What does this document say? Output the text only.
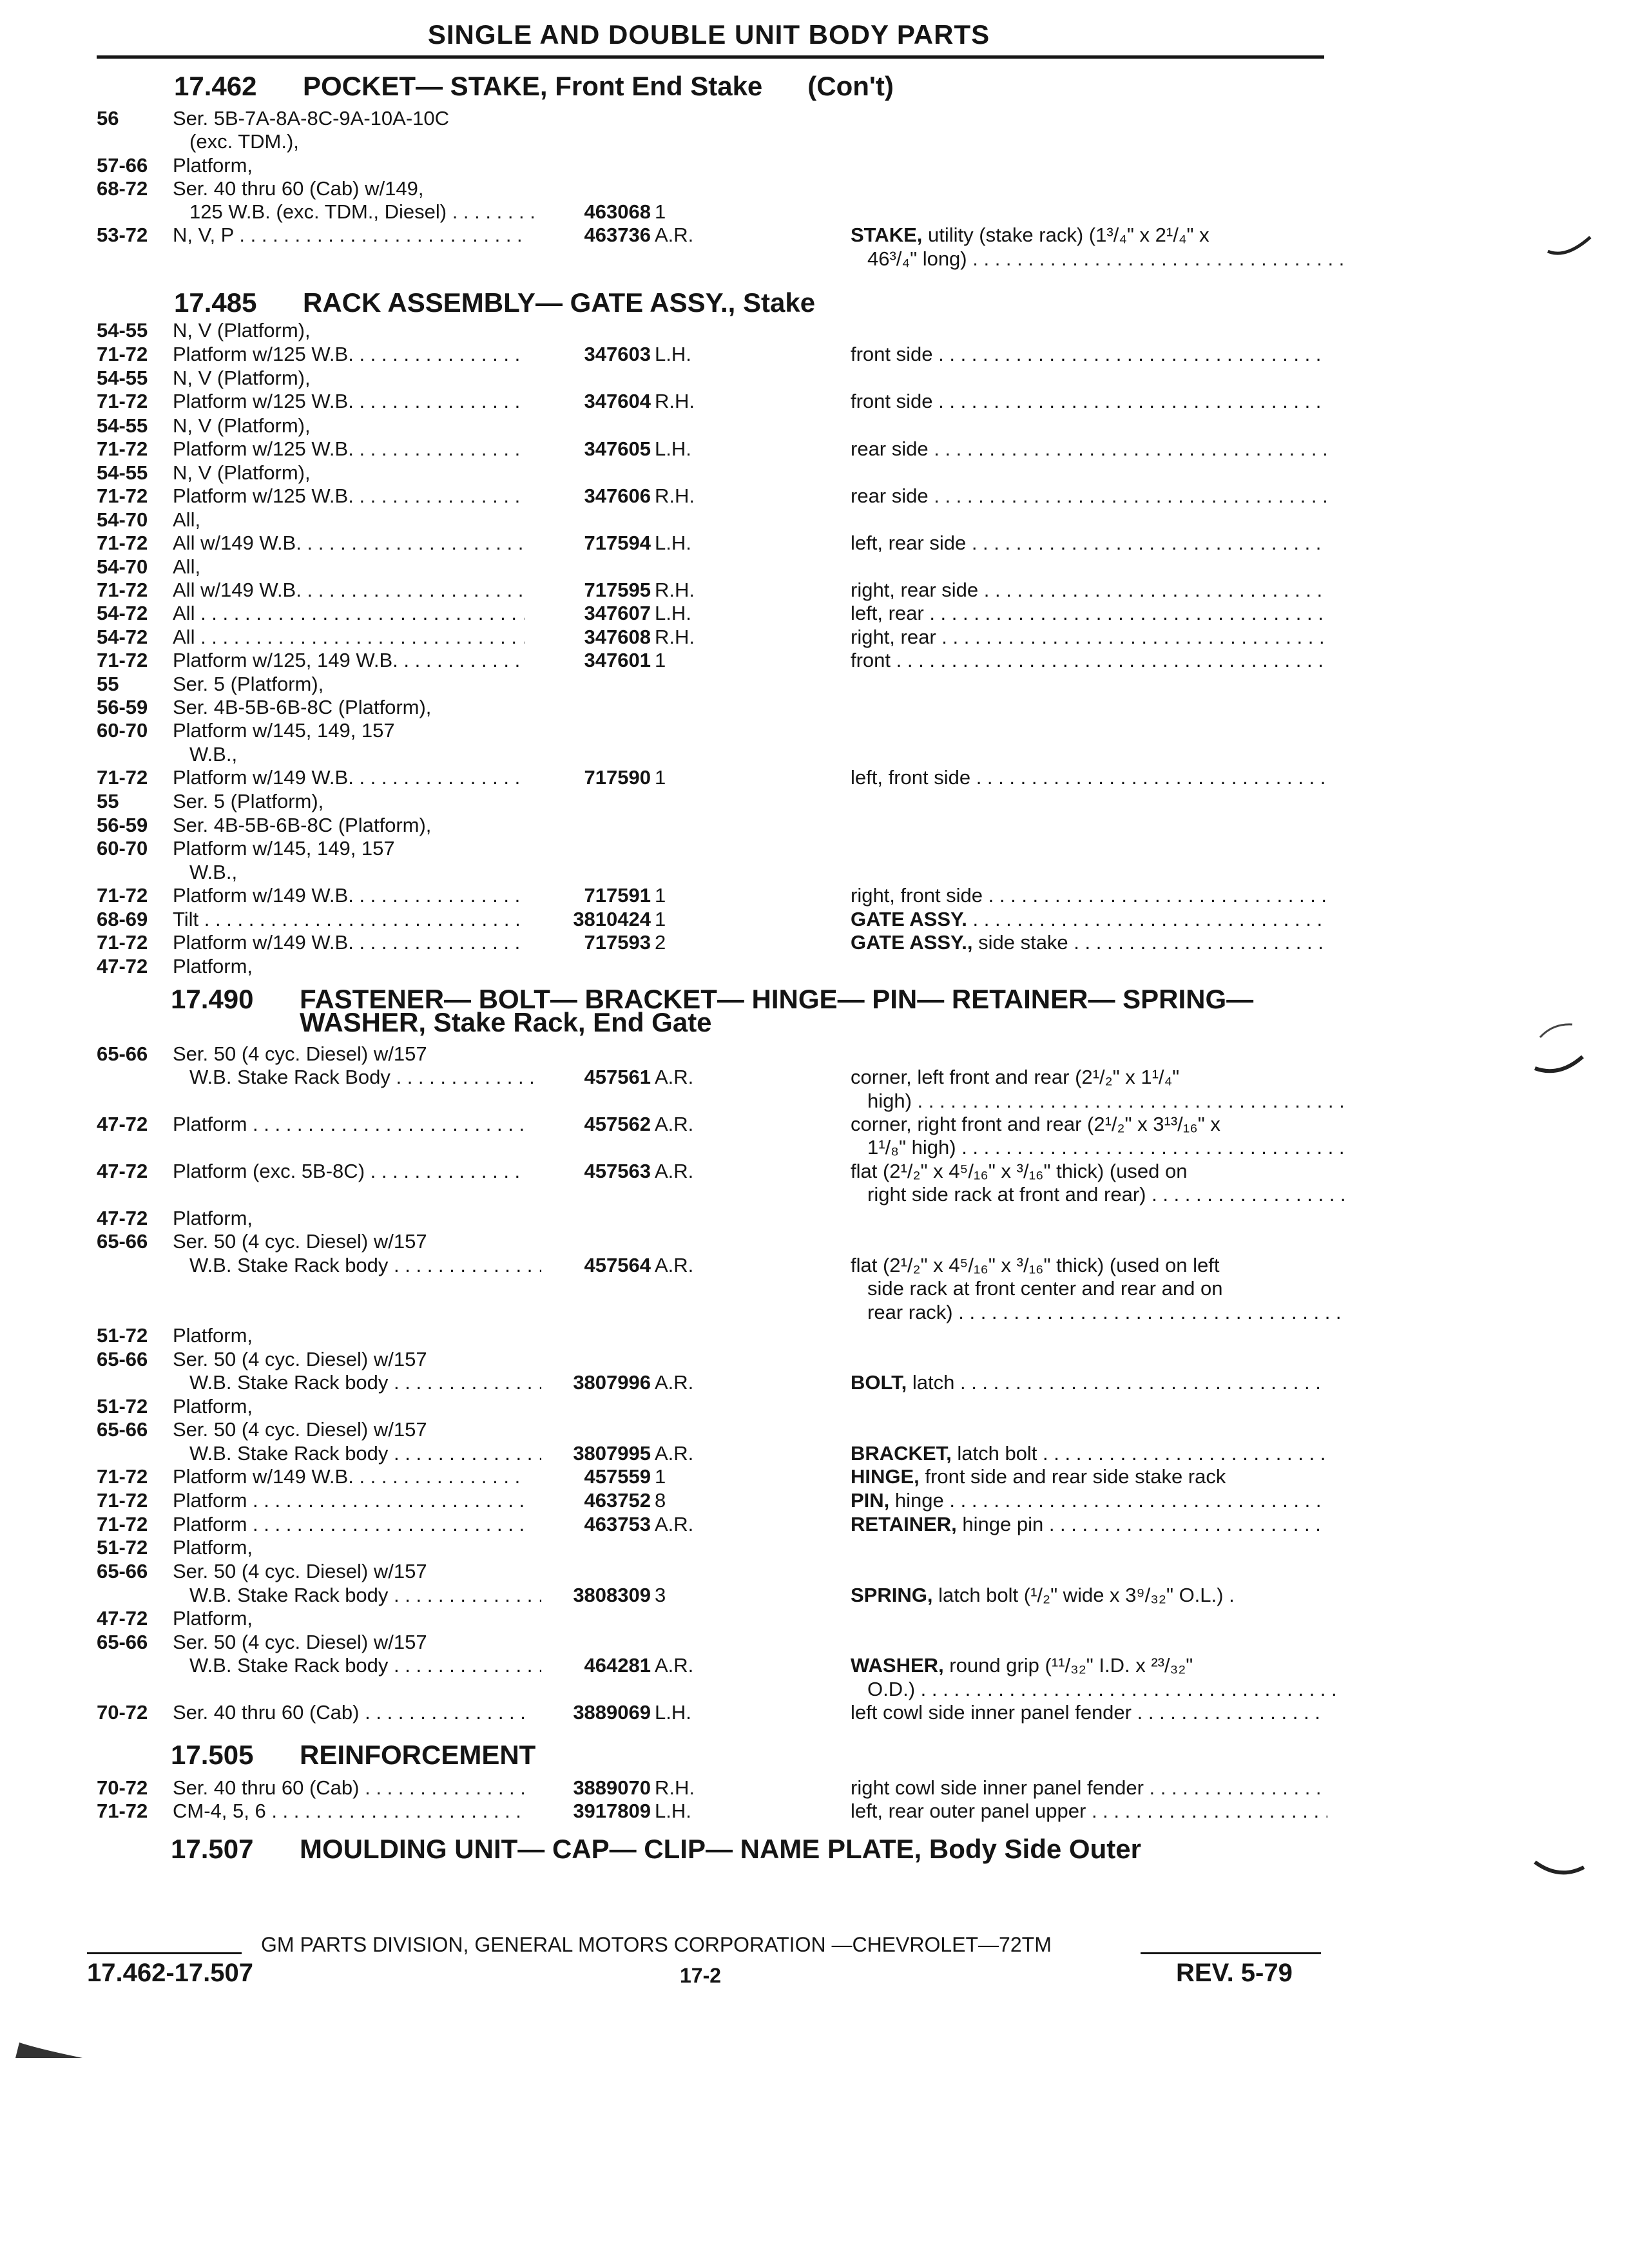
SINGLE AND DOUBLE UNIT BODY PARTS
17.462 POCKET— STAKE, Front End Stake (Con't)
17.485 RACK ASSEMBLY— GATE ASSY., Stake
17.490 FASTENER— BOLT— BRACKET— HINGE— PIN— RETAINER— SPRING—
WASHER, Stake Rack, End Gate
17.505 REINFORCEMENT
17.507 MOULDING UNIT— CAP— CLIP— NAME PLATE, Body Side Outer
56	Ser. 5B-7A-8A-8C-9A-10A-10C
(exc. TDM.),
57-66 Platform,
68-72 Ser. 40 thru 60 (Cab) w/149,
125 W.B. (exc. TDM., Diesel) . . .	463068 1
53-72 N, V, P . . .	463736 A.R.	STAKE, utility (stake rack) (1³/₄" x 2¹/₄" x
46³/₄" long) . . .
54-55 N, V (Platform),
71-72 Platform w/125 W.B. . . .	347603 L.H.	front side . . .
54-55 N, V (Platform),
71-72 Platform w/125 W.B. . . .	347604 R.H.	front side . . .
54-55 N, V (Platform),
71-72 Platform w/125 W.B. . . .	347605 L.H.	rear side . . .
54-55 N, V (Platform),
71-72 Platform w/125 W.B. . . .	347606 R.H.	rear side . . .
54-70 All,
71-72 All w/149 W.B. . . .	717594 L.H.	left, rear side . . .
54-70 All,
71-72 All w/149 W.B. . . .	717595 R.H.	right, rear side . . .
54-72 All . . .	347607 L.H.	left, rear . . .
54-72 All . . .	347608 R.H.	right, rear . . .
71-72 Platform w/125, 149 W.B. . . .	347601 1	front . . .
55	Ser. 5 (Platform),
56-59 Ser. 4B-5B-6B-8C (Platform),
60-70 Platform w/145, 149, 157
W.B.,
71-72 Platform w/149 W.B. . . .	717590 1	left, front side . . .
55	Ser. 5 (Platform),
56-59 Ser. 4B-5B-6B-8C (Platform),
60-70 Platform w/145, 149, 157
W.B.,
71-72 Platform w/149 W.B. . . .	717591 1	right, front side . . .
68-69 Tilt . . .	3810424 1	GATE ASSY. . . .
71-72 Platform w/149 W.B. . . .	717593 2	GATE ASSY., side stake . . .
47-72 Platform,
65-66 Ser. 50 (4 cyc. Diesel) w/157
W.B. Stake Rack Body . . .	457561 A.R.	corner, left front and rear (2¹/₂" x 1¹/₄"
high) . . .
47-72 Platform . . .	457562 A.R.	corner, right front and rear (2¹/₂" x 3¹³/₁₆" x
1¹/₈" high) . . .
47-72 Platform (exc. 5B-8C) . . .	457563 A.R.	flat (2¹/₂" x 4⁵/₁₆" x ³/₁₆" thick) (used on
right side rack at front and rear) . . .
47-72 Platform,
65-66 Ser. 50 (4 cyc. Diesel) w/157
W.B. Stake Rack body . . .	457564 A.R.	flat (2¹/₂" x 4⁵/₁₆" x ³/₁₆" thick) (used on left
side rack at front center and rear and on
rear rack) . . .
51-72 Platform,
65-66 Ser. 50 (4 cyc. Diesel) w/157
W.B. Stake Rack body . . .	3807996 A.R.	BOLT, latch . . .
51-72 Platform,
65-66 Ser. 50 (4 cyc. Diesel) w/157
W.B. Stake Rack body . . .	3807995 A.R.	BRACKET, latch bolt . . .
71-72 Platform w/149 W.B. . . .	457559 1	HINGE, front side and rear side stake rack
71-72 Platform . . .	463752 8	PIN, hinge . . .
71-72 Platform . . .	463753 A.R.	RETAINER, hinge pin . . .
51-72 Platform,
65-66 Ser. 50 (4 cyc. Diesel) w/157
W.B. Stake Rack body . . .	3808309 3	SPRING, latch bolt (¹/₂" wide x 3⁹/₃₂" O.L.) .
47-72 Platform,
65-66 Ser. 50 (4 cyc. Diesel) w/157
W.B. Stake Rack body . . .	464281 A.R.	WASHER, round grip (¹¹/₃₂" I.D. x ²³/₃₂"
O.D.) . . .
70-72 Ser. 40 thru 60 (Cab) . . .	3889069 L.H.	left cowl side inner panel fender . . .
70-72 Ser. 40 thru 60 (Cab) . . .	3889070 R.H.	right cowl side inner panel fender . . .
71-72 CM-4, 5, 6 . . .	3917809 L.H.	left, rear outer panel upper . . .
GM PARTS DIVISION, GENERAL MOTORS CORPORATION —CHEVROLET—72TM
17.462-17.507	17-2	REV. 5-79
